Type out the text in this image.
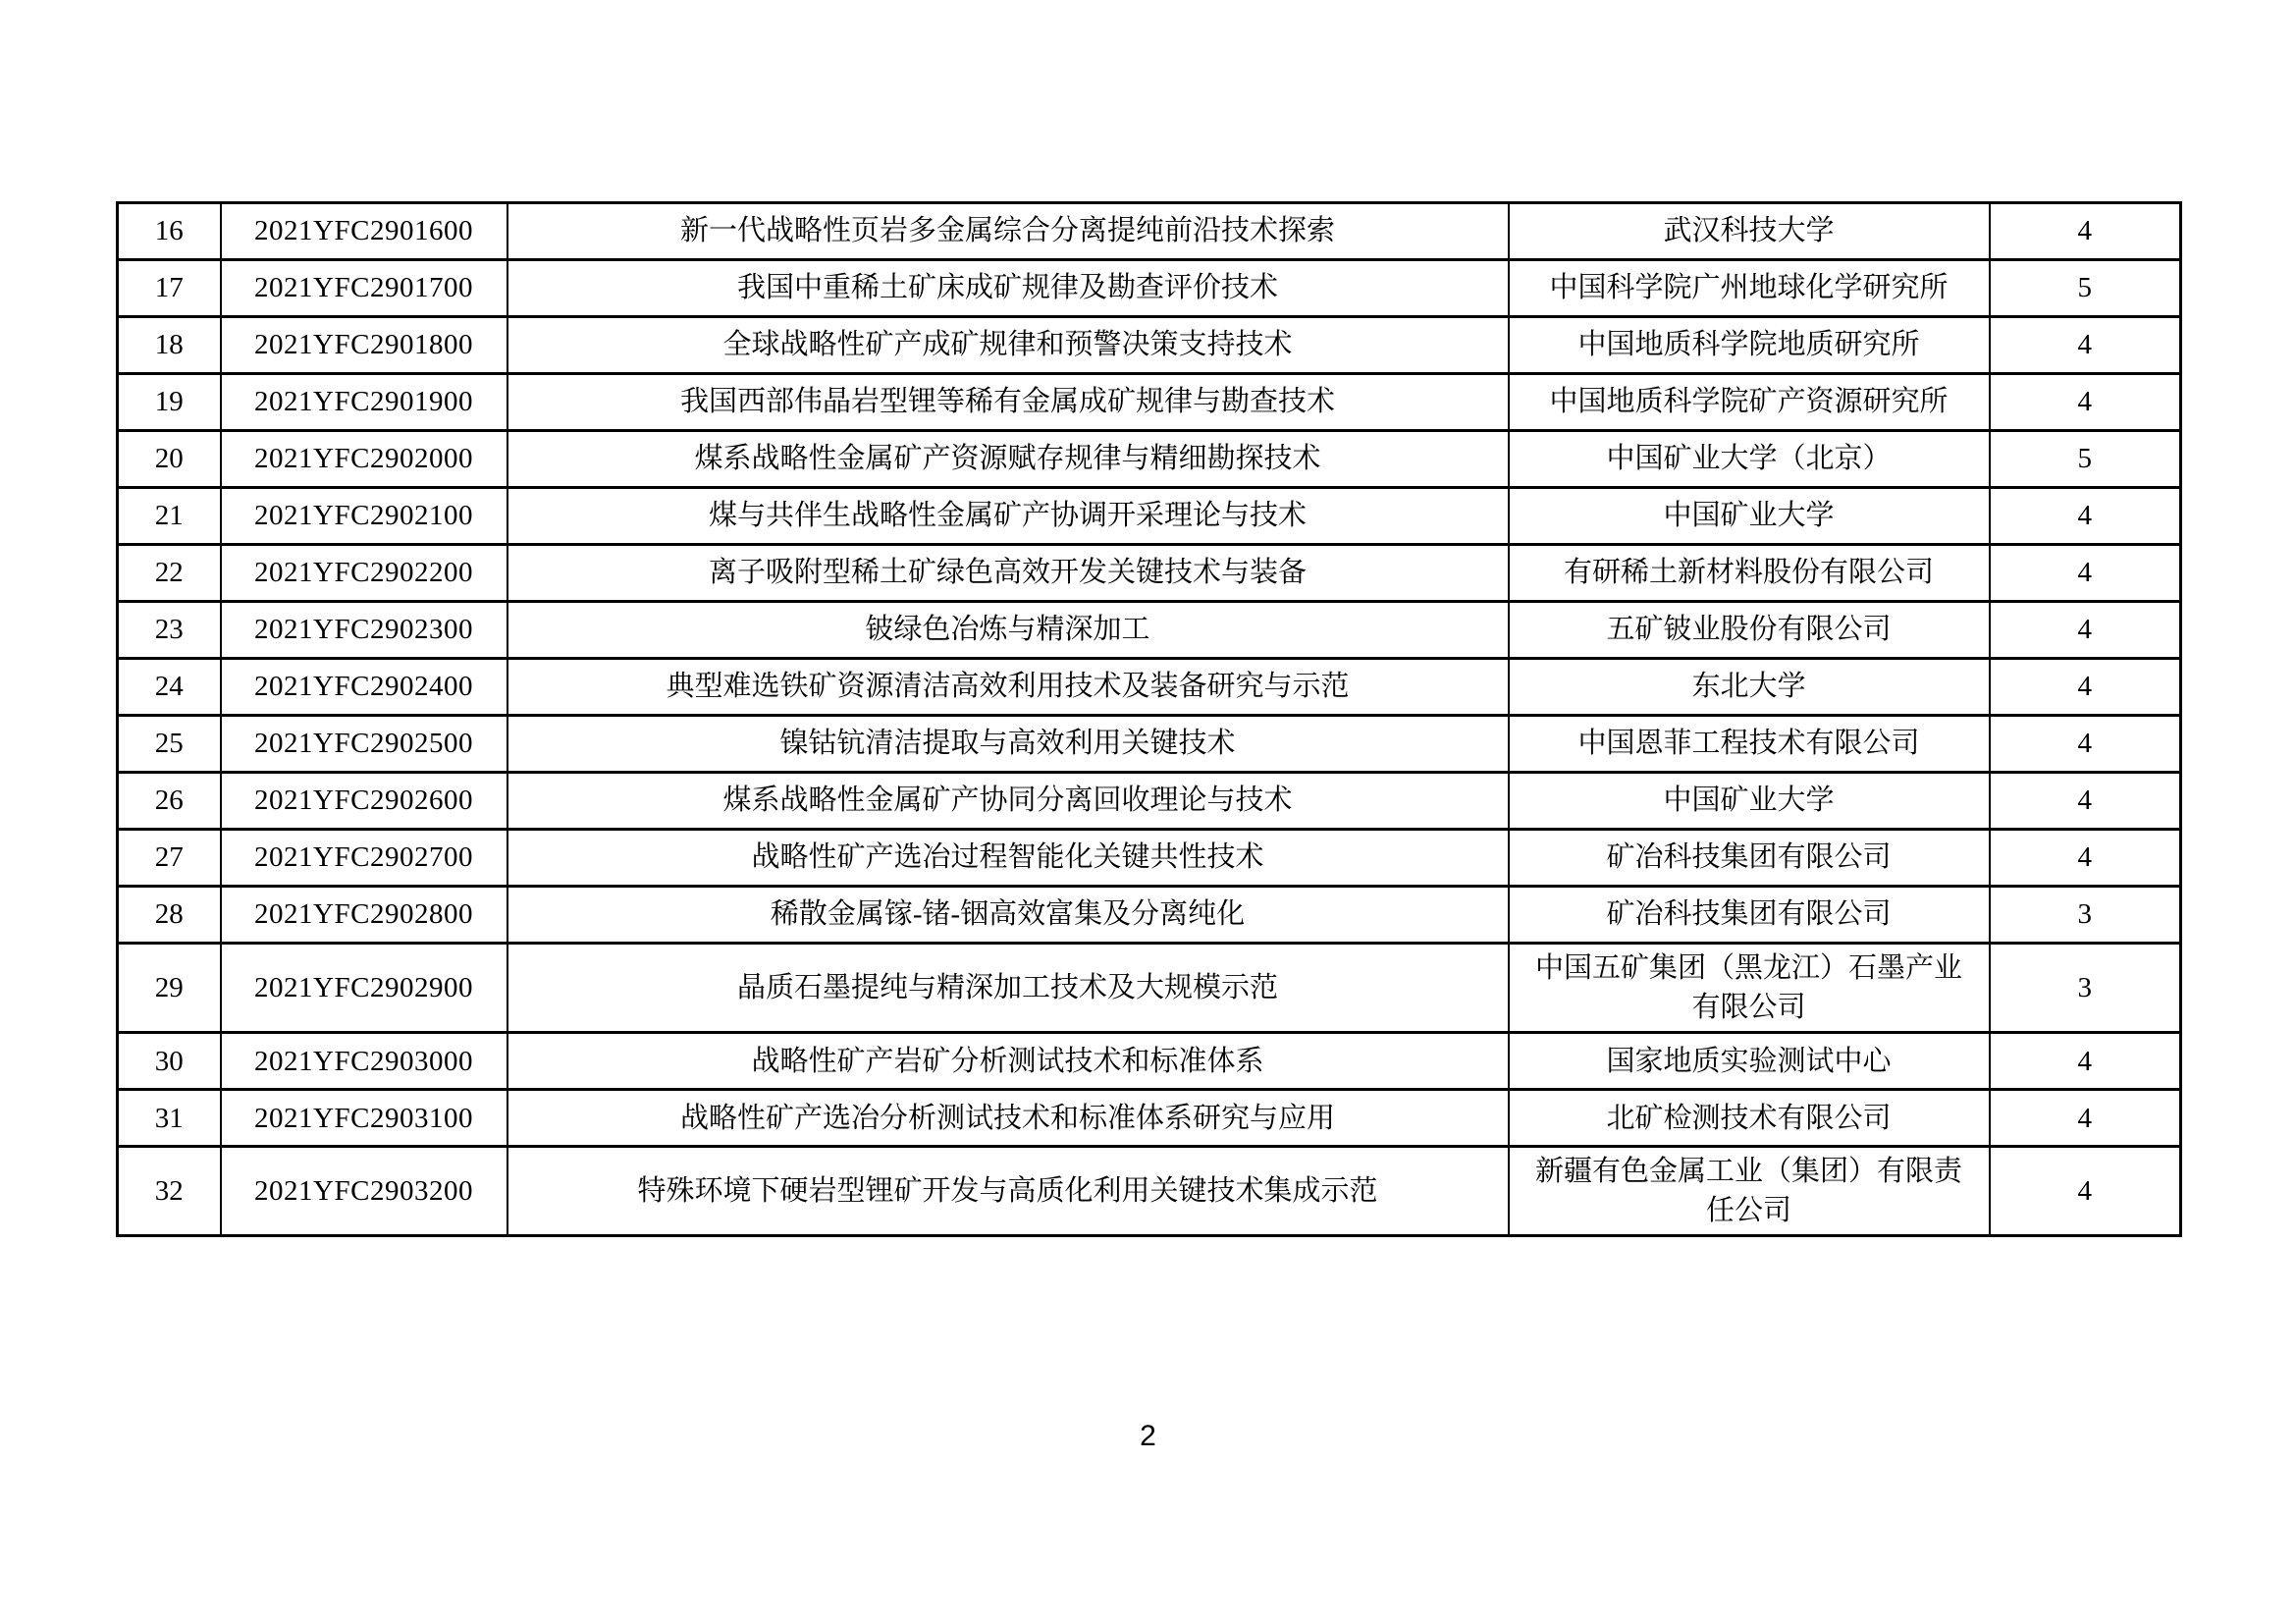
16	2021YFC2901600	新一代战略性页岩多金属综合分离提纯前沿技术探索	武汉科技大学	4
17	2021YFC2901700	我国中重稀土矿床成矿规律及勘查评价技术	中国科学院广州地球化学研究所	5
18	2021YFC2901800	全球战略性矿产成矿规律和预警决策支持技术	中国地质科学院地质研究所	4
19	2021YFC2901900	我国西部伟晶岩型锂等稀有金属成矿规律与勘查技术	中国地质科学院矿产资源研究所	4
20	2021YFC2902000	煤系战略性金属矿产资源赋存规律与精细勘探技术	中国矿业大学（北京）	5
21	2021YFC2902100	煤与共伴生战略性金属矿产协调开采理论与技术	中国矿业大学	4
22	2021YFC2902200	离子吸附型稀土矿绿色高效开发关键技术与装备	有研稀土新材料股份有限公司	4
23	2021YFC2902300	铍绿色冶炼与精深加工	五矿铍业股份有限公司	4
24	2021YFC2902400	典型难选铁矿资源清洁高效利用技术及装备研究与示范	东北大学	4
25	2021YFC2902500	镍钴钪清洁提取与高效利用关键技术	中国恩菲工程技术有限公司	4
26	2021YFC2902600	煤系战略性金属矿产协同分离回收理论与技术	中国矿业大学	4
27	2021YFC2902700	战略性矿产选冶过程智能化关键共性技术	矿冶科技集团有限公司	4
28	2021YFC2902800	稀散金属镓-锗-铟高效富集及分离纯化	矿冶科技集团有限公司	3
29	2021YFC2902900	晶质石墨提纯与精深加工技术及大规模示范	中国五矿集团（黑龙江）石墨产业有限公司	3
30	2021YFC2903000	战略性矿产岩矿分析测试技术和标准体系	国家地质实验测试中心	4
31	2021YFC2903100	战略性矿产选冶分析测试技术和标准体系研究与应用	北矿检测技术有限公司	4
32	2021YFC2903200	特殊环境下硬岩型锂矿开发与高质化利用关键技术集成示范	新疆有色金属工业（集团）有限责任公司	4
2
